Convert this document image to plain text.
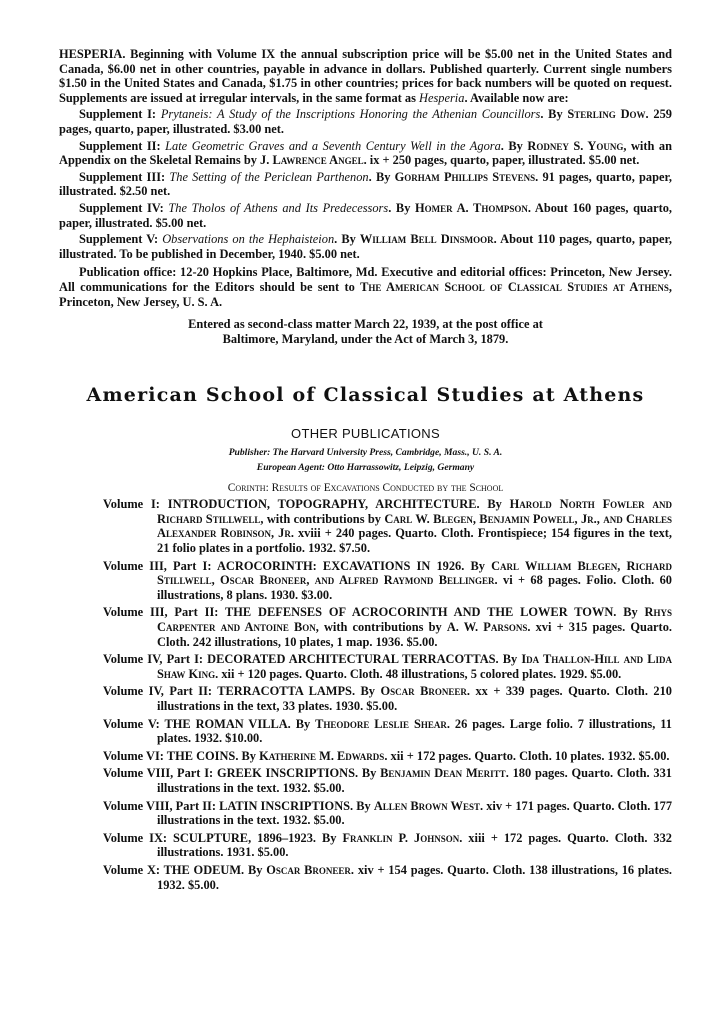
HESPERIA. Beginning with Volume IX the annual subscription price will be $5.00 net in the United States and Canada, $6.00 net in other countries, payable in advance in dollars. Published quarterly. Current single numbers $1.50 in the United States and Canada, $1.75 in other countries; prices for back numbers will be quoted on request. Supplements are issued at irregular intervals, in the same format as Hesperia. Available now are:

Supplement I: Prytaneis: A Study of the Inscriptions Honoring the Athenian Councillors. By Sterling Dow. 259 pages, quarto, paper, illustrated. $3.00 net.

Supplement II: Late Geometric Graves and a Seventh Century Well in the Agora. By Rodney S. Young, with an Appendix on the Skeletal Remains by J. Lawrence Angel. ix + 250 pages, quarto, paper, illustrated. $5.00 net.

Supplement III: The Setting of the Periclean Parthenon. By Gorham Phillips Stevens. 91 pages, quarto, paper, illustrated. $2.50 net.

Supplement IV: The Tholos of Athens and Its Predecessors. By Homer A. Thompson. About 160 pages, quarto, paper, illustrated. $5.00 net.

Supplement V: Observations on the Hephaisteion. By William Bell Dinsmoor. About 110 pages, quarto, paper, illustrated. To be published in December, 1940. $5.00 net.

Publication office: 12-20 Hopkins Place, Baltimore, Md. Executive and editorial offices: Princeton, New Jersey. All communications for the Editors should be sent to The American School of Classical Studies at Athens, Princeton, New Jersey, U. S. A.

Entered as second-class matter March 22, 1939, at the post office at
Baltimore, Maryland, under the Act of March 3, 1879.
American School of Classical Studies at Athens
OTHER PUBLICATIONS
Publisher: The Harvard University Press, Cambridge, Mass., U. S. A.
European Agent: Otto Harrassowitz, Leipzig, Germany
Corinth: Results of Excavations Conducted by the School

Volume I: INTRODUCTION, TOPOGRAPHY, ARCHITECTURE. By Harold North Fowler and Richard Stillwell, with contributions by Carl W. Blegen, Benjamin Powell, Jr., and Charles Alexander Robinson, Jr. xviii + 240 pages. Quarto. Cloth. Frontispiece; 154 figures in the text, 21 folio plates in a portfolio. 1932. $7.50.

Volume III, Part I: ACROCORINTH: EXCAVATIONS IN 1926. By Carl William Blegen, Richard Stillwell, Oscar Broneer, and Alfred Raymond Bellinger. vi + 68 pages. Folio. Cloth. 60 illustrations, 8 plans. 1930. $3.00.

Volume III, Part II: THE DEFENSES OF ACROCORINTH AND THE LOWER TOWN. By Rhys Carpenter and Antoine Bon, with contributions by A. W. Parsons. xvi + 315 pages. Quarto. Cloth. 242 illustrations, 10 plates, 1 map. 1936. $5.00.

Volume IV, Part I: DECORATED ARCHITECTURAL TERRACOTTAS. By Ida Thallon-Hill and Lida Shaw King. xii + 120 pages. Quarto. Cloth. 48 illustrations, 5 colored plates. 1929. $5.00.

Volume IV, Part II: TERRACOTTA LAMPS. By Oscar Broneer. xx + 339 pages. Quarto. Cloth. 210 illustrations in the text, 33 plates. 1930. $5.00.

Volume V: THE ROMAN VILLA. By Theodore Leslie Shear. 26 pages. Large folio. 7 illustrations, 11 plates. 1932. $10.00.

Volume VI: THE COINS. By Katherine M. Edwards. xii + 172 pages. Quarto. Cloth. 10 plates. 1932. $5.00.

Volume VIII, Part I: GREEK INSCRIPTIONS. By Benjamin Dean Meritt. 180 pages. Quarto. Cloth. 331 illustrations in the text. 1932. $5.00.

Volume VIII, Part II: LATIN INSCRIPTIONS. By Allen Brown West. xiv + 171 pages. Quarto. Cloth. 177 illustrations in the text. 1932. $5.00.

Volume IX: SCULPTURE, 1896–1923. By Franklin P. Johnson. xiii + 172 pages. Quarto. Cloth. 332 illustrations. 1931. $5.00.

Volume X: THE ODEUM. By Oscar Broneer. xiv + 154 pages. Quarto. Cloth. 138 illustrations, 16 plates. 1932. $5.00.
